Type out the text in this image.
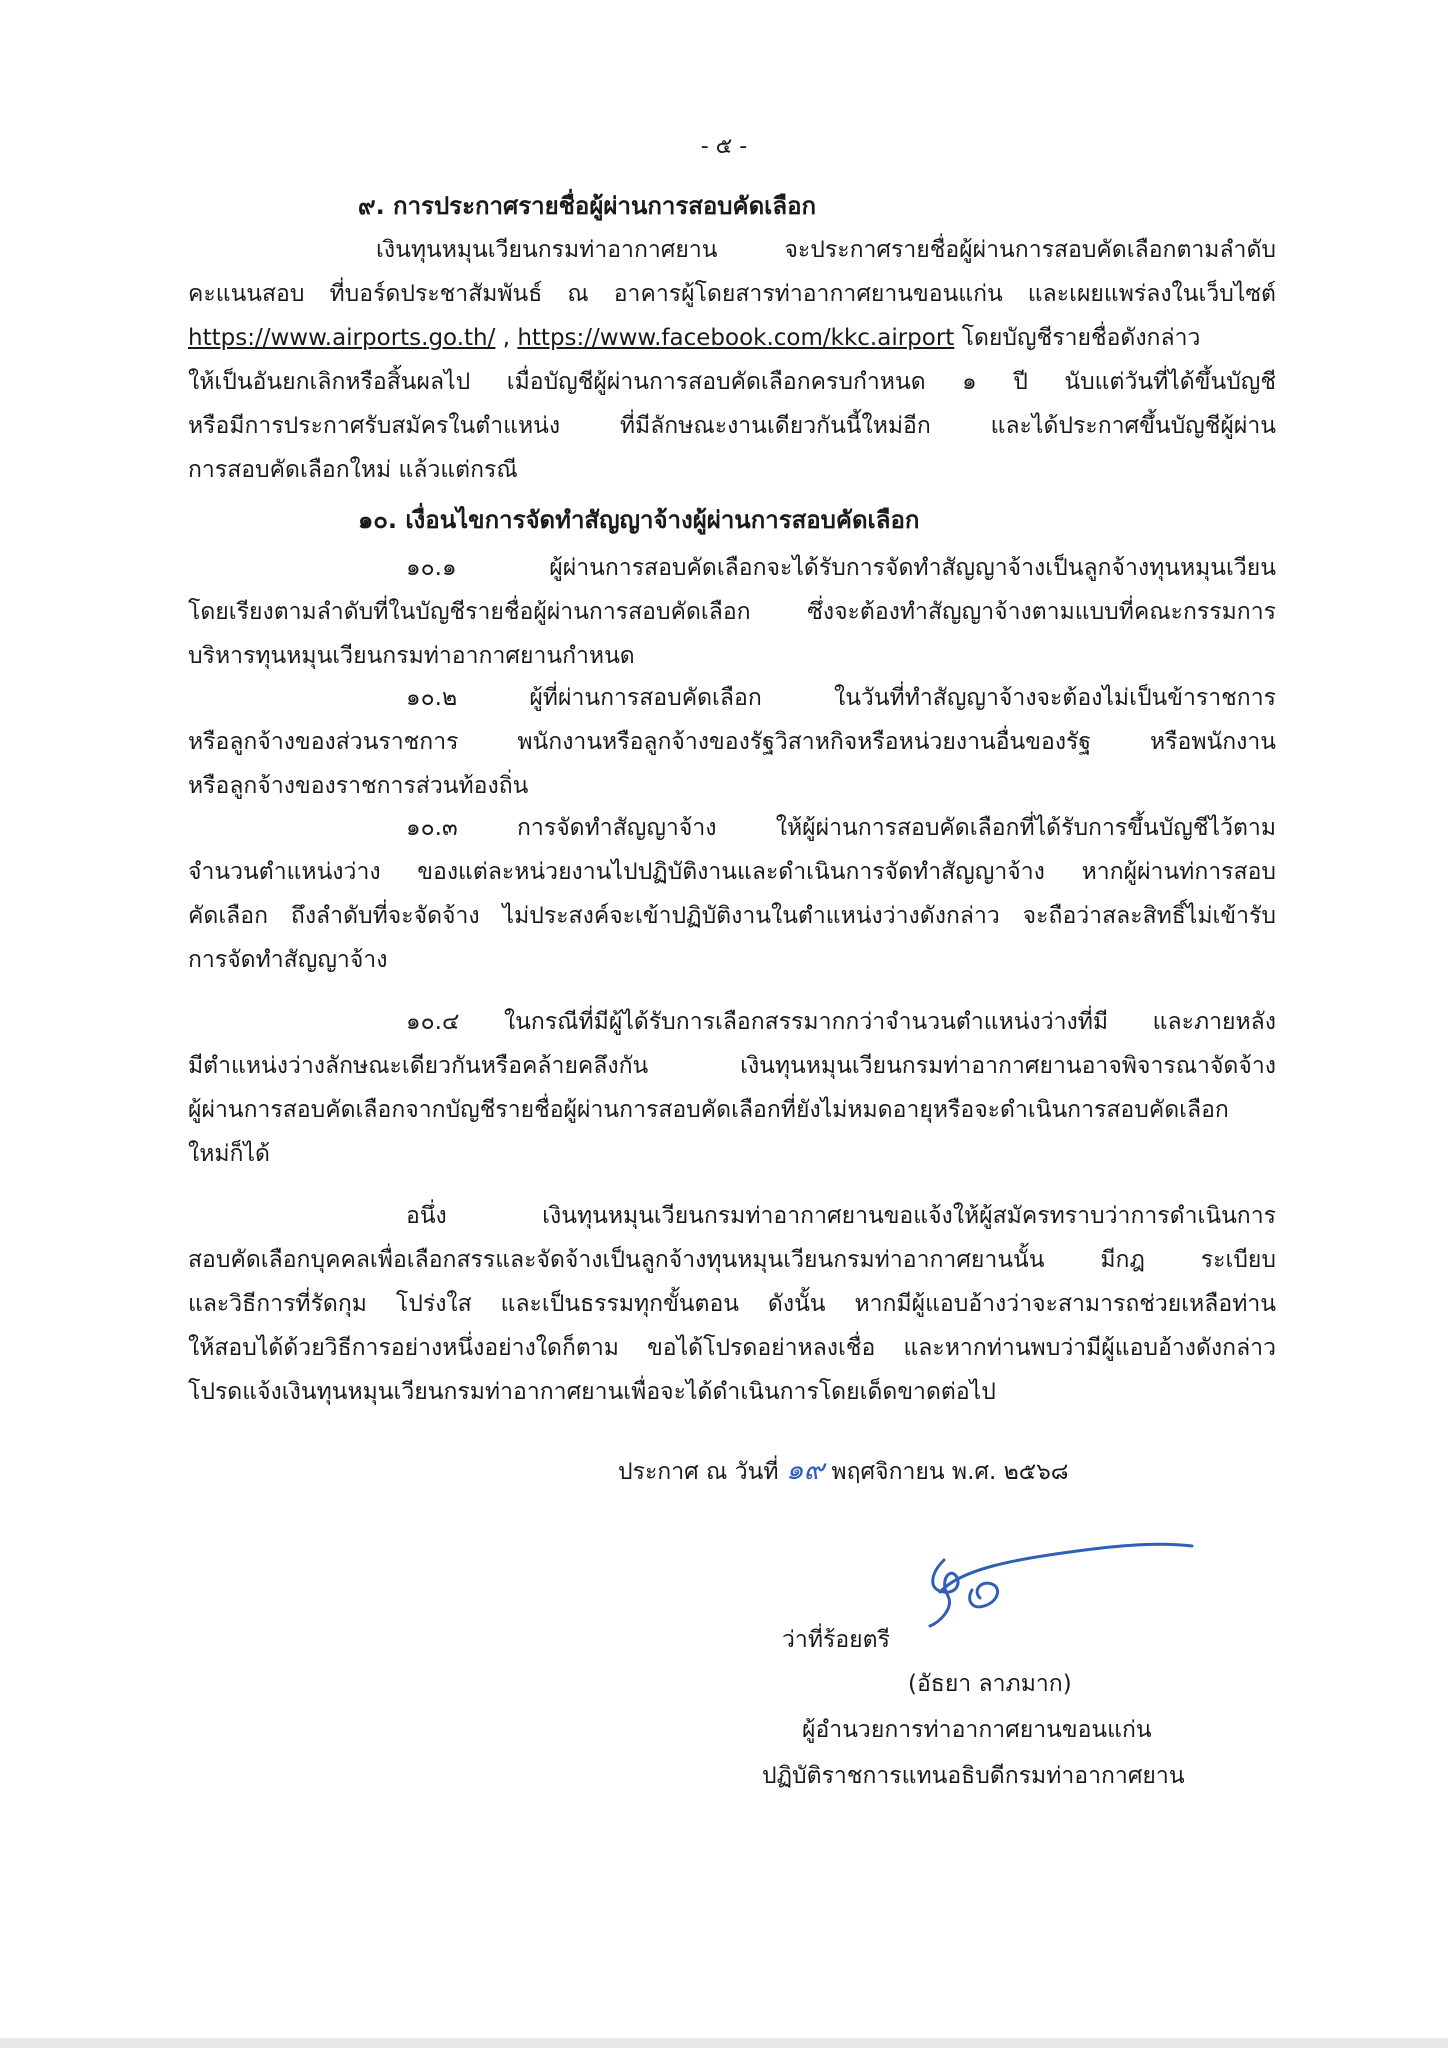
- ๕ -
๙. การประกาศรายชื่อผู้ผ่านการสอบคัดเลือก
เงินทุนหมุนเวียนกรมท่าอากาศยาน จะประกาศรายชื่อผู้ผ่านการสอบคัดเลือกตามลำดับ
คะแนนสอบ ที่บอร์ดประชาสัมพันธ์ ณ อาคารผู้โดยสารท่าอากาศยานขอนแก่น และเผยแพร่ลงในเว็บไซต์
https://www.airports.go.th/ , https://www.facebook.com/kkc.airport โดยบัญชีรายชื่อดังกล่าว
ให้เป็นอันยกเลิกหรือสิ้นผลไป เมื่อบัญชีผู้ผ่านการสอบคัดเลือกครบกำหนด ๑ ปี นับแต่วันที่ได้ขึ้นบัญชี
หรือมีการประกาศรับสมัครในตำแหน่ง ที่มีลักษณะงานเดียวกันนี้ใหม่อีก และได้ประกาศขึ้นบัญชีผู้ผ่าน
การสอบคัดเลือกใหม่ แล้วแต่กรณี
๑๐. เงื่อนไขการจัดทำสัญญาจ้างผู้ผ่านการสอบคัดเลือก
๑๐.๑ ผู้ผ่านการสอบคัดเลือกจะได้รับการจัดทำสัญญาจ้างเป็นลูกจ้างทุนหมุนเวียน
โดยเรียงตามลำดับที่ในบัญชีรายชื่อผู้ผ่านการสอบคัดเลือก ซึ่งจะต้องทำสัญญาจ้างตามแบบที่คณะกรรมการ
บริหารทุนหมุนเวียนกรมท่าอากาศยานกำหนด
๑๐.๒ ผู้ที่ผ่านการสอบคัดเลือก ในวันที่ทำสัญญาจ้างจะต้องไม่เป็นข้าราชการ
หรือลูกจ้างของส่วนราชการ พนักงานหรือลูกจ้างของรัฐวิสาหกิจหรือหน่วยงานอื่นของรัฐ หรือพนักงาน
หรือลูกจ้างของราชการส่วนท้องถิ่น
๑๐.๓ การจัดทำสัญญาจ้าง ให้ผู้ผ่านการสอบคัดเลือกที่ได้รับการขึ้นบัญชีไว้ตาม
จำนวนตำแหน่งว่าง ของแต่ละหน่วยงานไปปฏิบัติงานและดำเนินการจัดทำสัญญาจ้าง หากผู้ผ่านท่การสอบ
คัดเลือก ถึงลำดับที่จะจัดจ้าง ไม่ประสงค์จะเข้าปฏิบัติงานในตำแหน่งว่างดังกล่าว จะถือว่าสละสิทธิ์ไม่เข้ารับ
การจัดทำสัญญาจ้าง
๑๐.๔ ในกรณีที่มีผู้ได้รับการเลือกสรรมากกว่าจำนวนตำแหน่งว่างที่มี และภายหลัง
มีตำแหน่งว่างลักษณะเดียวกันหรือคล้ายคลึงกัน เงินทุนหมุนเวียนกรมท่าอากาศยานอาจพิจารณาจัดจ้าง
ผู้ผ่านการสอบคัดเลือกจากบัญชีรายชื่อผู้ผ่านการสอบคัดเลือกที่ยังไม่หมดอายุหรือจะดำเนินการสอบคัดเลือก
ใหม่ก็ได้
อนึ่ง เงินทุนหมุนเวียนกรมท่าอากาศยานขอแจ้งให้ผู้สมัครทราบว่าการดำเนินการ
สอบคัดเลือกบุคคลเพื่อเลือกสรรและจัดจ้างเป็นลูกจ้างทุนหมุนเวียนกรมท่าอากาศยานนั้น มีกฎ ระเบียบ
และวิธีการที่รัดกุม โปร่งใส และเป็นธรรมทุกขั้นตอน ดังนั้น หากมีผู้แอบอ้างว่าจะสามารถช่วยเหลือท่าน
ให้สอบได้ด้วยวิธีการอย่างหนึ่งอย่างใดก็ตาม ขอได้โปรดอย่าหลงเชื่อ และหากท่านพบว่ามีผู้แอบอ้างดังกล่าว
โปรดแจ้งเงินทุนหมุนเวียนกรมท่าอากาศยานเพื่อจะได้ดำเนินการโดยเด็ดขาดต่อไป
ประกาศ ณ วันที่ ๑๙ พฤศจิกายน พ.ศ. ๒๕๖๘
ว่าที่ร้อยตรี
(อัธยา ลาภมาก)
ผู้อำนวยการท่าอากาศยานขอนแก่น
ปฏิบัติราชการแทนอธิบดีกรมท่าอากาศยาน
